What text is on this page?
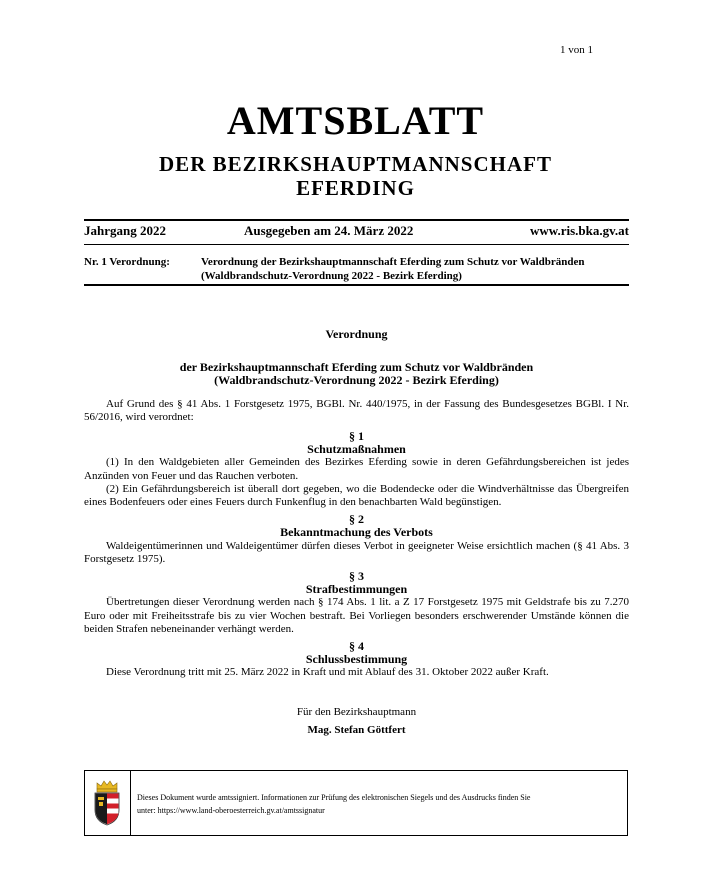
1 von 1
AMTSBLATT
DER BEZIRKSHAUPTMANNSCHAFT
EFERDING
Jahrgang 2022	Ausgegeben am 24. März 2022	www.ris.bka.gv.at
Nr. 1 Verordnung:	Verordnung der Bezirkshauptmannschaft Eferding zum Schutz vor Waldbränden (Waldbrandschutz-Verordnung 2022 - Bezirk Eferding)

Verordnung

der Bezirkshauptmannschaft Eferding zum Schutz vor Waldbränden

(Waldbrandschutz-Verordnung 2022 - Bezirk Eferding)

Auf Grund des § 41 Abs. 1 Forstgesetz 1975, BGBl. Nr. 440/1975, in der Fassung des Bundesgesetzes BGBl. I Nr. 56/2016, wird verordnet:

§ 1

Schutzmaßnahmen

(1) In den Waldgebieten aller Gemeinden des Bezirkes Eferding sowie in deren Gefährdungsbereichen ist jedes Anzünden von Feuer und das Rauchen verboten.

(2) Ein Gefährdungsbereich ist überall dort gegeben, wo die Bodendecke oder die Windverhältnisse das Übergreifen eines Bodenfeuers oder eines Feuers durch Funkenflug in den benachbarten Wald begünstigen.

§ 2

Bekanntmachung des Verbots

Waldeigentümerinnen und Waldeigentümer dürfen dieses Verbot in geeigneter Weise ersichtlich machen (§ 41 Abs. 3 Forstgesetz 1975).

§ 3

Strafbestimmungen

Übertretungen dieser Verordnung werden nach § 174 Abs. 1 lit. a Z 17 Forstgesetz 1975 mit Geldstrafe bis zu 7.270 Euro oder mit Freiheitsstrafe bis zu vier Wochen bestraft. Bei Vorliegen besonders erschwerender Umstände können die beiden Strafen nebeneinander verhängt werden.

§ 4

Schlussbestimmung

Diese Verordnung tritt mit 25. März 2022 in Kraft und mit Ablauf des 31. Oktober 2022 außer Kraft.

Für den Bezirkshauptmann

Mag. Stefan Göttfert

Dieses Dokument wurde amtssigniert. Informationen zur Prüfung des elektronischen Siegels und des Ausdrucks finden Sie
unter: https://www.land-oberoesterreich.gv.at/amtssignatur
